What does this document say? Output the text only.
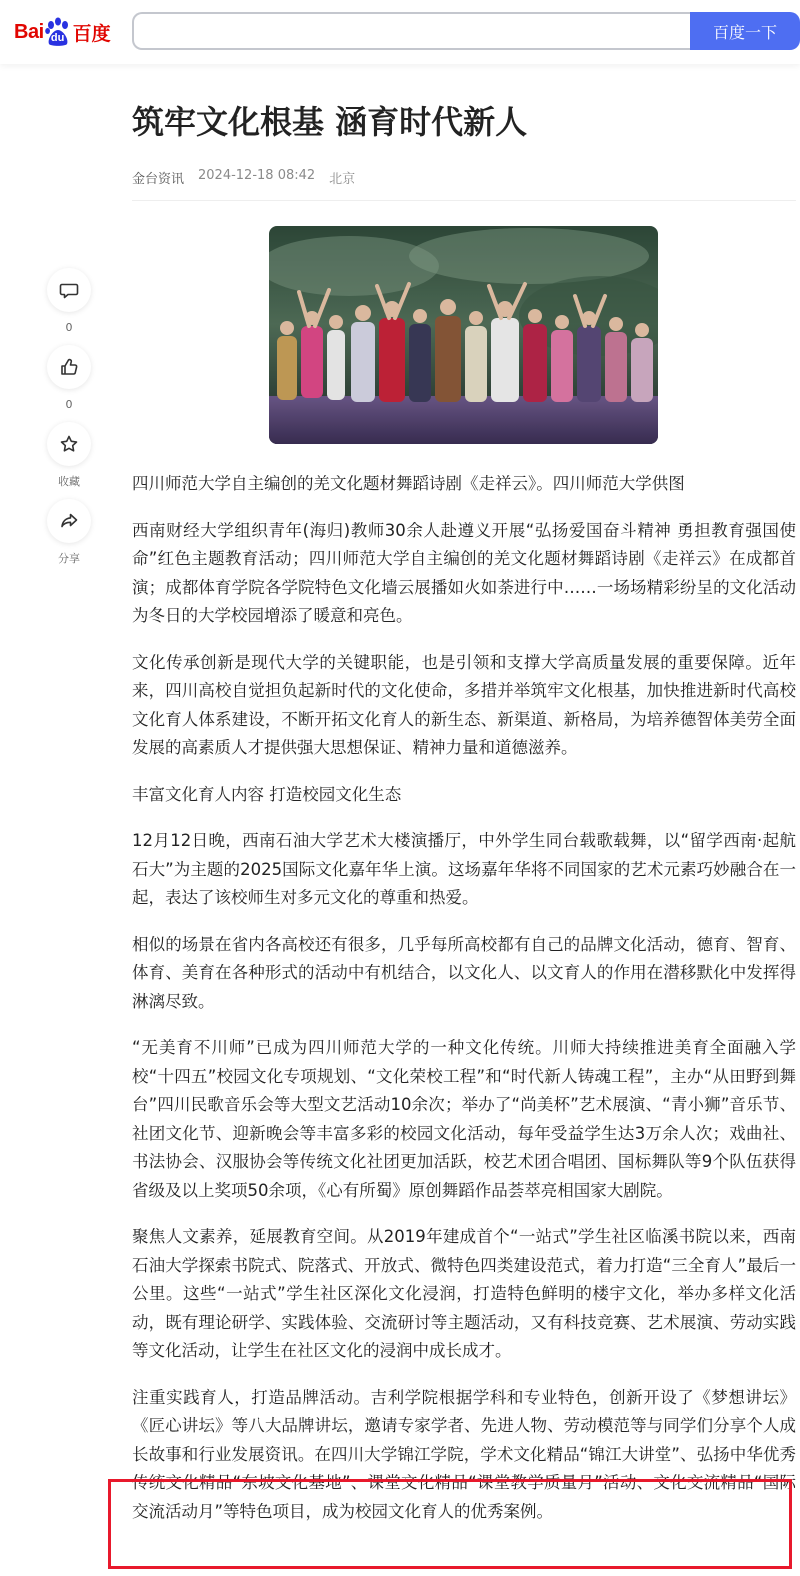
Bai du 百度	百度一下
筑牢文化根基 涵育时代新人
金台资讯 2024-12-18 08:42 北京
0
0
收藏
分享

四川师范大学自主编创的羌文化题材舞蹈诗剧《走祥云》。四川师范大学供图

西南财经大学组织青年(海归)教师30余人赴遵义开展“弘扬爱国奋斗精神 勇担教育强国使命”红色主题教育活动；四川师范大学自主编创的羌文化题材舞蹈诗剧《走祥云》在成都首演；成都体育学院各学院特色文化墙云展播如火如荼进行中……一场场精彩纷呈的文化活动为冬日的大学校园增添了暖意和亮色。

文化传承创新是现代大学的关键职能，也是引领和支撑大学高质量发展的重要保障。近年来，四川高校自觉担负起新时代的文化使命，多措并举筑牢文化根基，加快推进新时代高校文化育人体系建设，不断开拓文化育人的新生态、新渠道、新格局，为培养德智体美劳全面发展的高素质人才提供强大思想保证、精神力量和道德滋养。

丰富文化育人内容 打造校园文化生态

12月12日晚，西南石油大学艺术大楼演播厅，中外学生同台载歌载舞，以“留学西南·起航石大”为主题的2025国际文化嘉年华上演。这场嘉年华将不同国家的艺术元素巧妙融合在一起，表达了该校师生对多元文化的尊重和热爱。

相似的场景在省内各高校还有很多，几乎每所高校都有自己的品牌文化活动，德育、智育、体育、美育在各种形式的活动中有机结合，以文化人、以文育人的作用在潜移默化中发挥得淋漓尽致。

“无美育不川师”已成为四川师范大学的一种文化传统。川师大持续推进美育全面融入学校“十四五”校园文化专项规划、“文化荣校工程”和“时代新人铸魂工程”，主办“从田野到舞台”四川民歌音乐会等大型文艺活动10余次；举办了“尚美杯”艺术展演、“青小狮”音乐节、社团文化节、迎新晚会等丰富多彩的校园文化活动，每年受益学生达3万余人次；戏曲社、书法协会、汉服协会等传统文化社团更加活跃，校艺术团合唱团、国标舞队等9个队伍获得省级及以上奖项50余项，《心有所蜀》原创舞蹈作品荟萃亮相国家大剧院。

聚焦人文素养，延展教育空间。从2019年建成首个“一站式”学生社区临溪书院以来，西南石油大学探索书院式、院落式、开放式、微特色四类建设范式，着力打造“三全育人”最后一公里。这些“一站式”学生社区深化文化浸润，打造特色鲜明的楼宇文化，举办多样文化活动，既有理论研学、实践体验、交流研讨等主题活动，又有科技竞赛、艺术展演、劳动实践等文化活动，让学生在社区文化的浸润中成长成才。

注重实践育人，打造品牌活动。吉利学院根据学科和专业特色，创新开设了《梦想讲坛》《匠心讲坛》等八大品牌讲坛，邀请专家学者、先进人物、劳动模范等与同学们分享个人成长故事和行业发展资讯。在四川大学锦江学院，学术文化精品“锦江大讲堂”、弘扬中华优秀传统文化精品“东坡文化基地”、课堂文化精品“课堂教学质量月”活动、文化交流精品“国际交流活动月”等特色项目，成为校园文化育人的优秀案例。
